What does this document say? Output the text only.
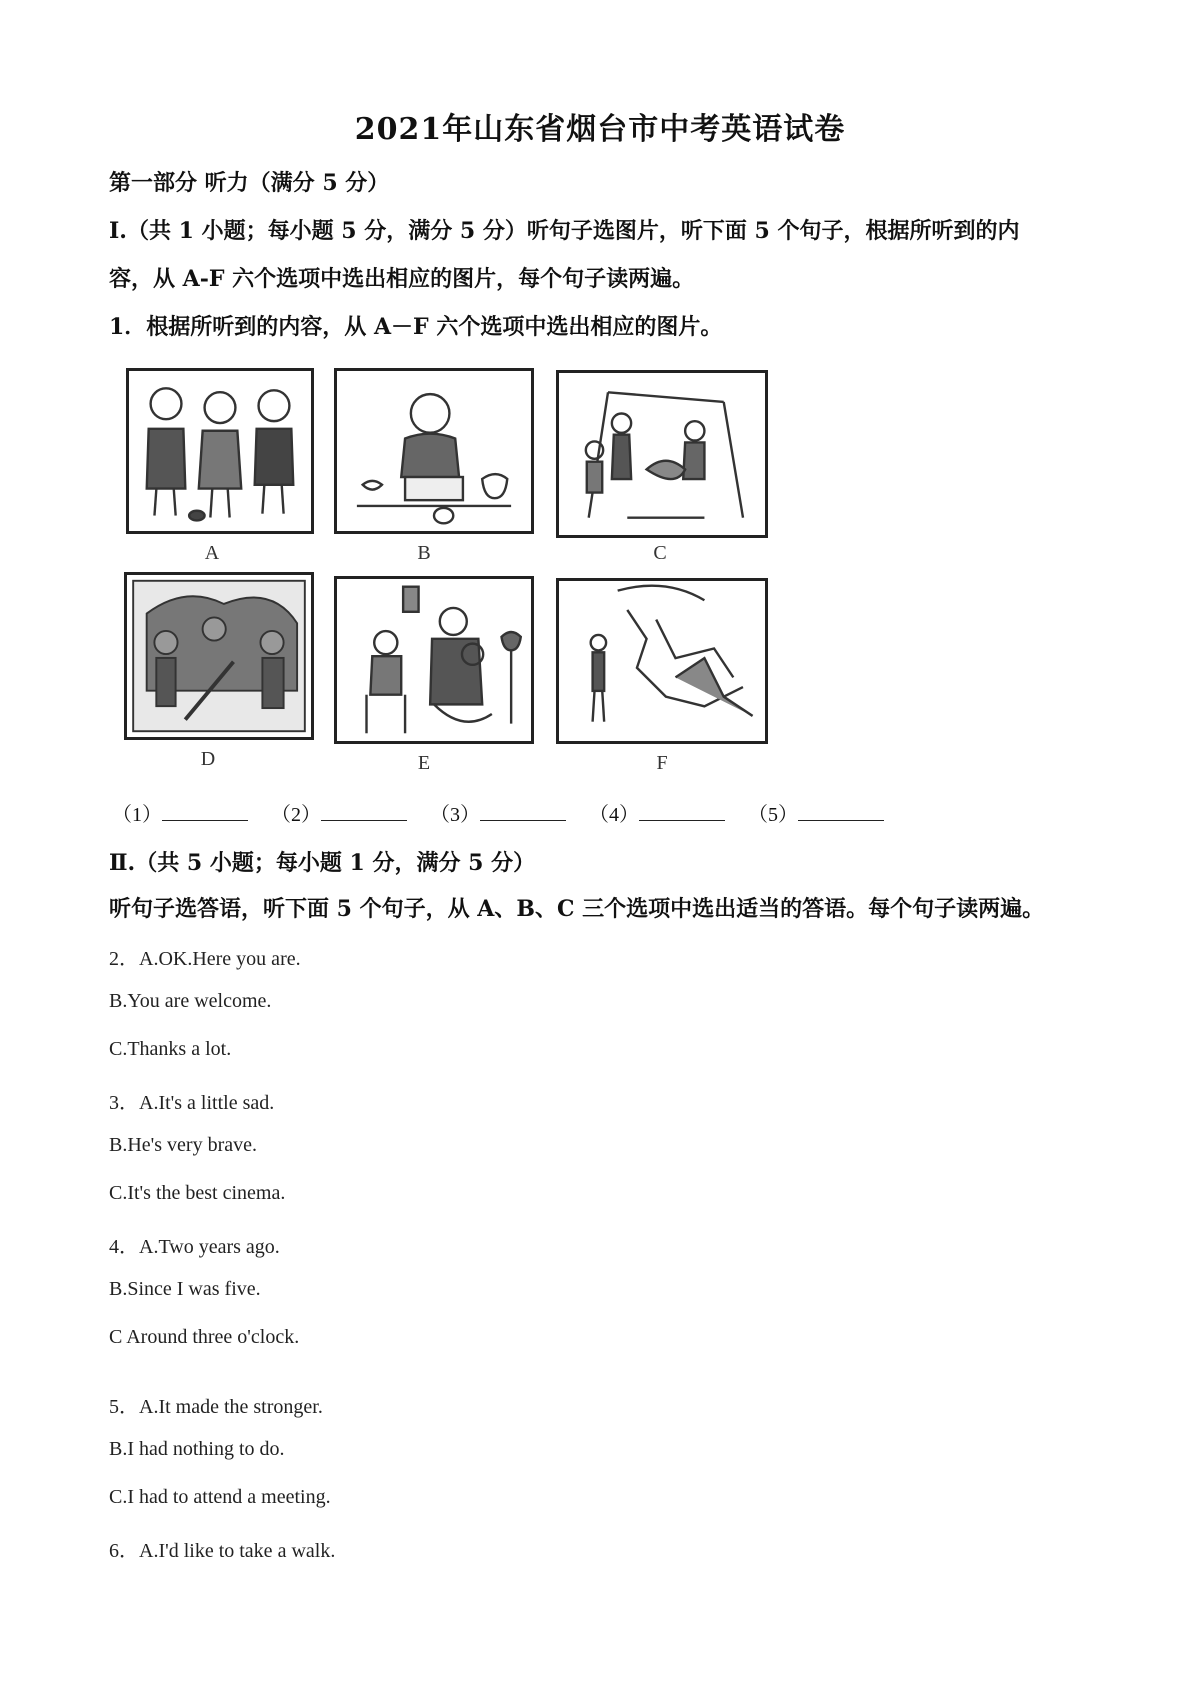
2021年山东省烟台市中考英语试卷
第一部分 听力（满分 5 分）
Ⅰ.（共 1 小题；每小题 5 分，满分 5 分）听句子选图片，听下面 5 个句子，根据所听到的内
容，从 A-F 六个选项中选出相应的图片，每个句子读两遍。
1．根据所听到的内容，从 A－F 六个选项中选出相应的图片。
A	B	C
D	E	F
（1）	（2）	（3）	（4）	（5）
Ⅱ.（共 5 小题；每小题 1 分，满分 5 分）
听句子选答语，听下面 5 个句子，从 A、B、C 三个选项中选出适当的答语。每个句子读两遍。
2．A.OK.Here you are.
B.You are welcome.
C.Thanks a lot.
3．A.It's a little sad.
B.He's very brave.
C.It's the best cinema.
4．A.Two years ago.
B.Since I was five.
C Around three o'clock.
5．A.It made the stronger.
B.I had nothing to do.
C.I had to attend a meeting.
6．A.I'd like to take a walk.
